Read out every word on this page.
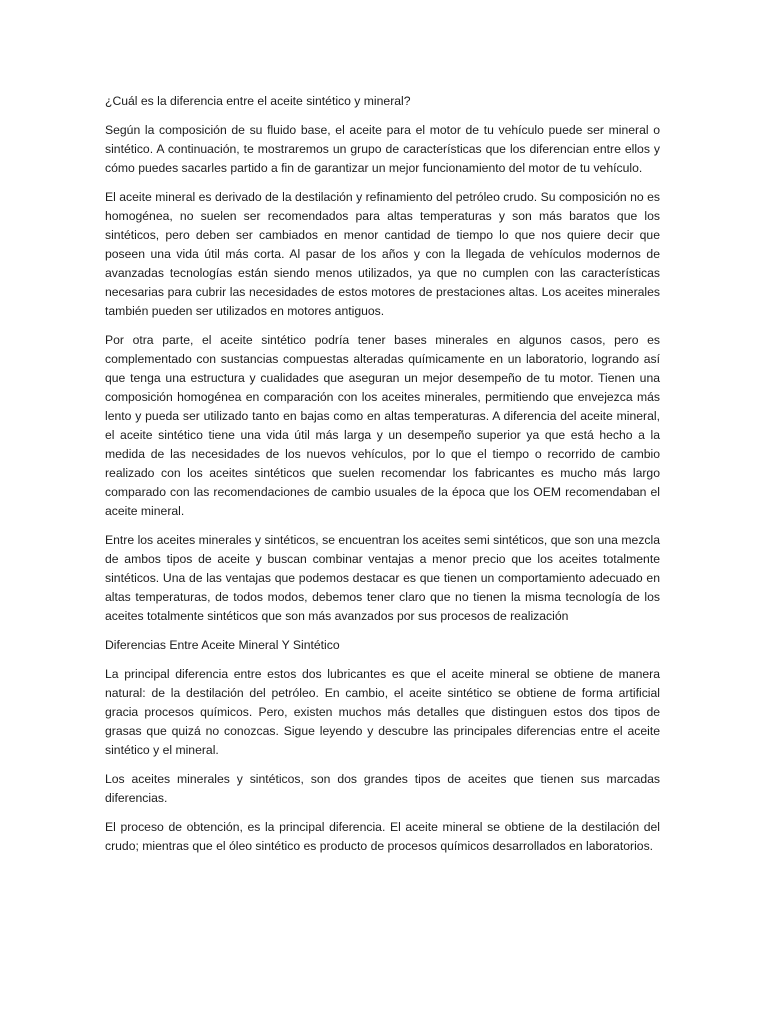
¿Cuál es la diferencia entre el aceite sintético y mineral?

Según la composición de su fluido base, el aceite para el motor de tu vehículo puede ser mineral o sintético. A continuación, te mostraremos un grupo de características que los diferencian entre ellos y cómo puedes sacarles partido a fin de garantizar un mejor funcionamiento del motor de tu vehículo.

El aceite mineral es derivado de la destilación y refinamiento del petróleo crudo. Su composición no es homogénea, no suelen ser recomendados para altas temperaturas y son más baratos que los sintéticos, pero deben ser cambiados en menor cantidad de tiempo lo que nos quiere decir que poseen una vida útil más corta. Al pasar de los años y con la llegada de vehículos modernos de avanzadas tecnologías están siendo menos utilizados, ya que no cumplen con las características necesarias para cubrir las necesidades de estos motores de prestaciones altas. Los aceites minerales también pueden ser utilizados en motores antiguos.

Por otra parte, el aceite sintético podría tener bases minerales en algunos casos, pero es complementado con sustancias compuestas alteradas químicamente en un laboratorio, logrando así que tenga una estructura y cualidades que aseguran un mejor desempeño de tu motor. Tienen una composición homogénea en comparación con los aceites minerales, permitiendo que envejezca más lento y pueda ser utilizado tanto en bajas como en altas temperaturas. A diferencia del aceite mineral, el aceite sintético tiene una vida útil más larga y un desempeño superior ya que está hecho a la medida de las necesidades de los nuevos vehículos, por lo que el tiempo o recorrido de cambio realizado con los aceites sintéticos que suelen recomendar los fabricantes es mucho más largo comparado con las recomendaciones de cambio usuales de la época que los OEM recomendaban el aceite mineral.

Entre los aceites minerales y sintéticos, se encuentran los aceites semi sintéticos, que son una mezcla de ambos tipos de aceite y buscan combinar ventajas a menor precio que los aceites totalmente sintéticos. Una de las ventajas que podemos destacar es que tienen un comportamiento adecuado en altas temperaturas, de todos modos, debemos tener claro que no tienen la misma tecnología de los aceites totalmente sintéticos que son más avanzados por sus procesos de realización

Diferencias Entre Aceite Mineral Y Sintético

La principal diferencia entre estos dos lubricantes es que el aceite mineral se obtiene de manera natural: de la destilación del petróleo. En cambio, el aceite sintético se obtiene de forma artificial gracia procesos químicos. Pero, existen muchos más detalles que distinguen estos dos tipos de grasas que quizá no conozcas. Sigue leyendo y descubre las principales diferencias entre el aceite sintético y el mineral.

Los aceites minerales y sintéticos, son dos grandes tipos de aceites que tienen sus marcadas diferencias.

El proceso de obtención, es la principal diferencia. El aceite mineral se obtiene de la destilación del crudo; mientras que el óleo sintético es producto de procesos químicos desarrollados en laboratorios.
